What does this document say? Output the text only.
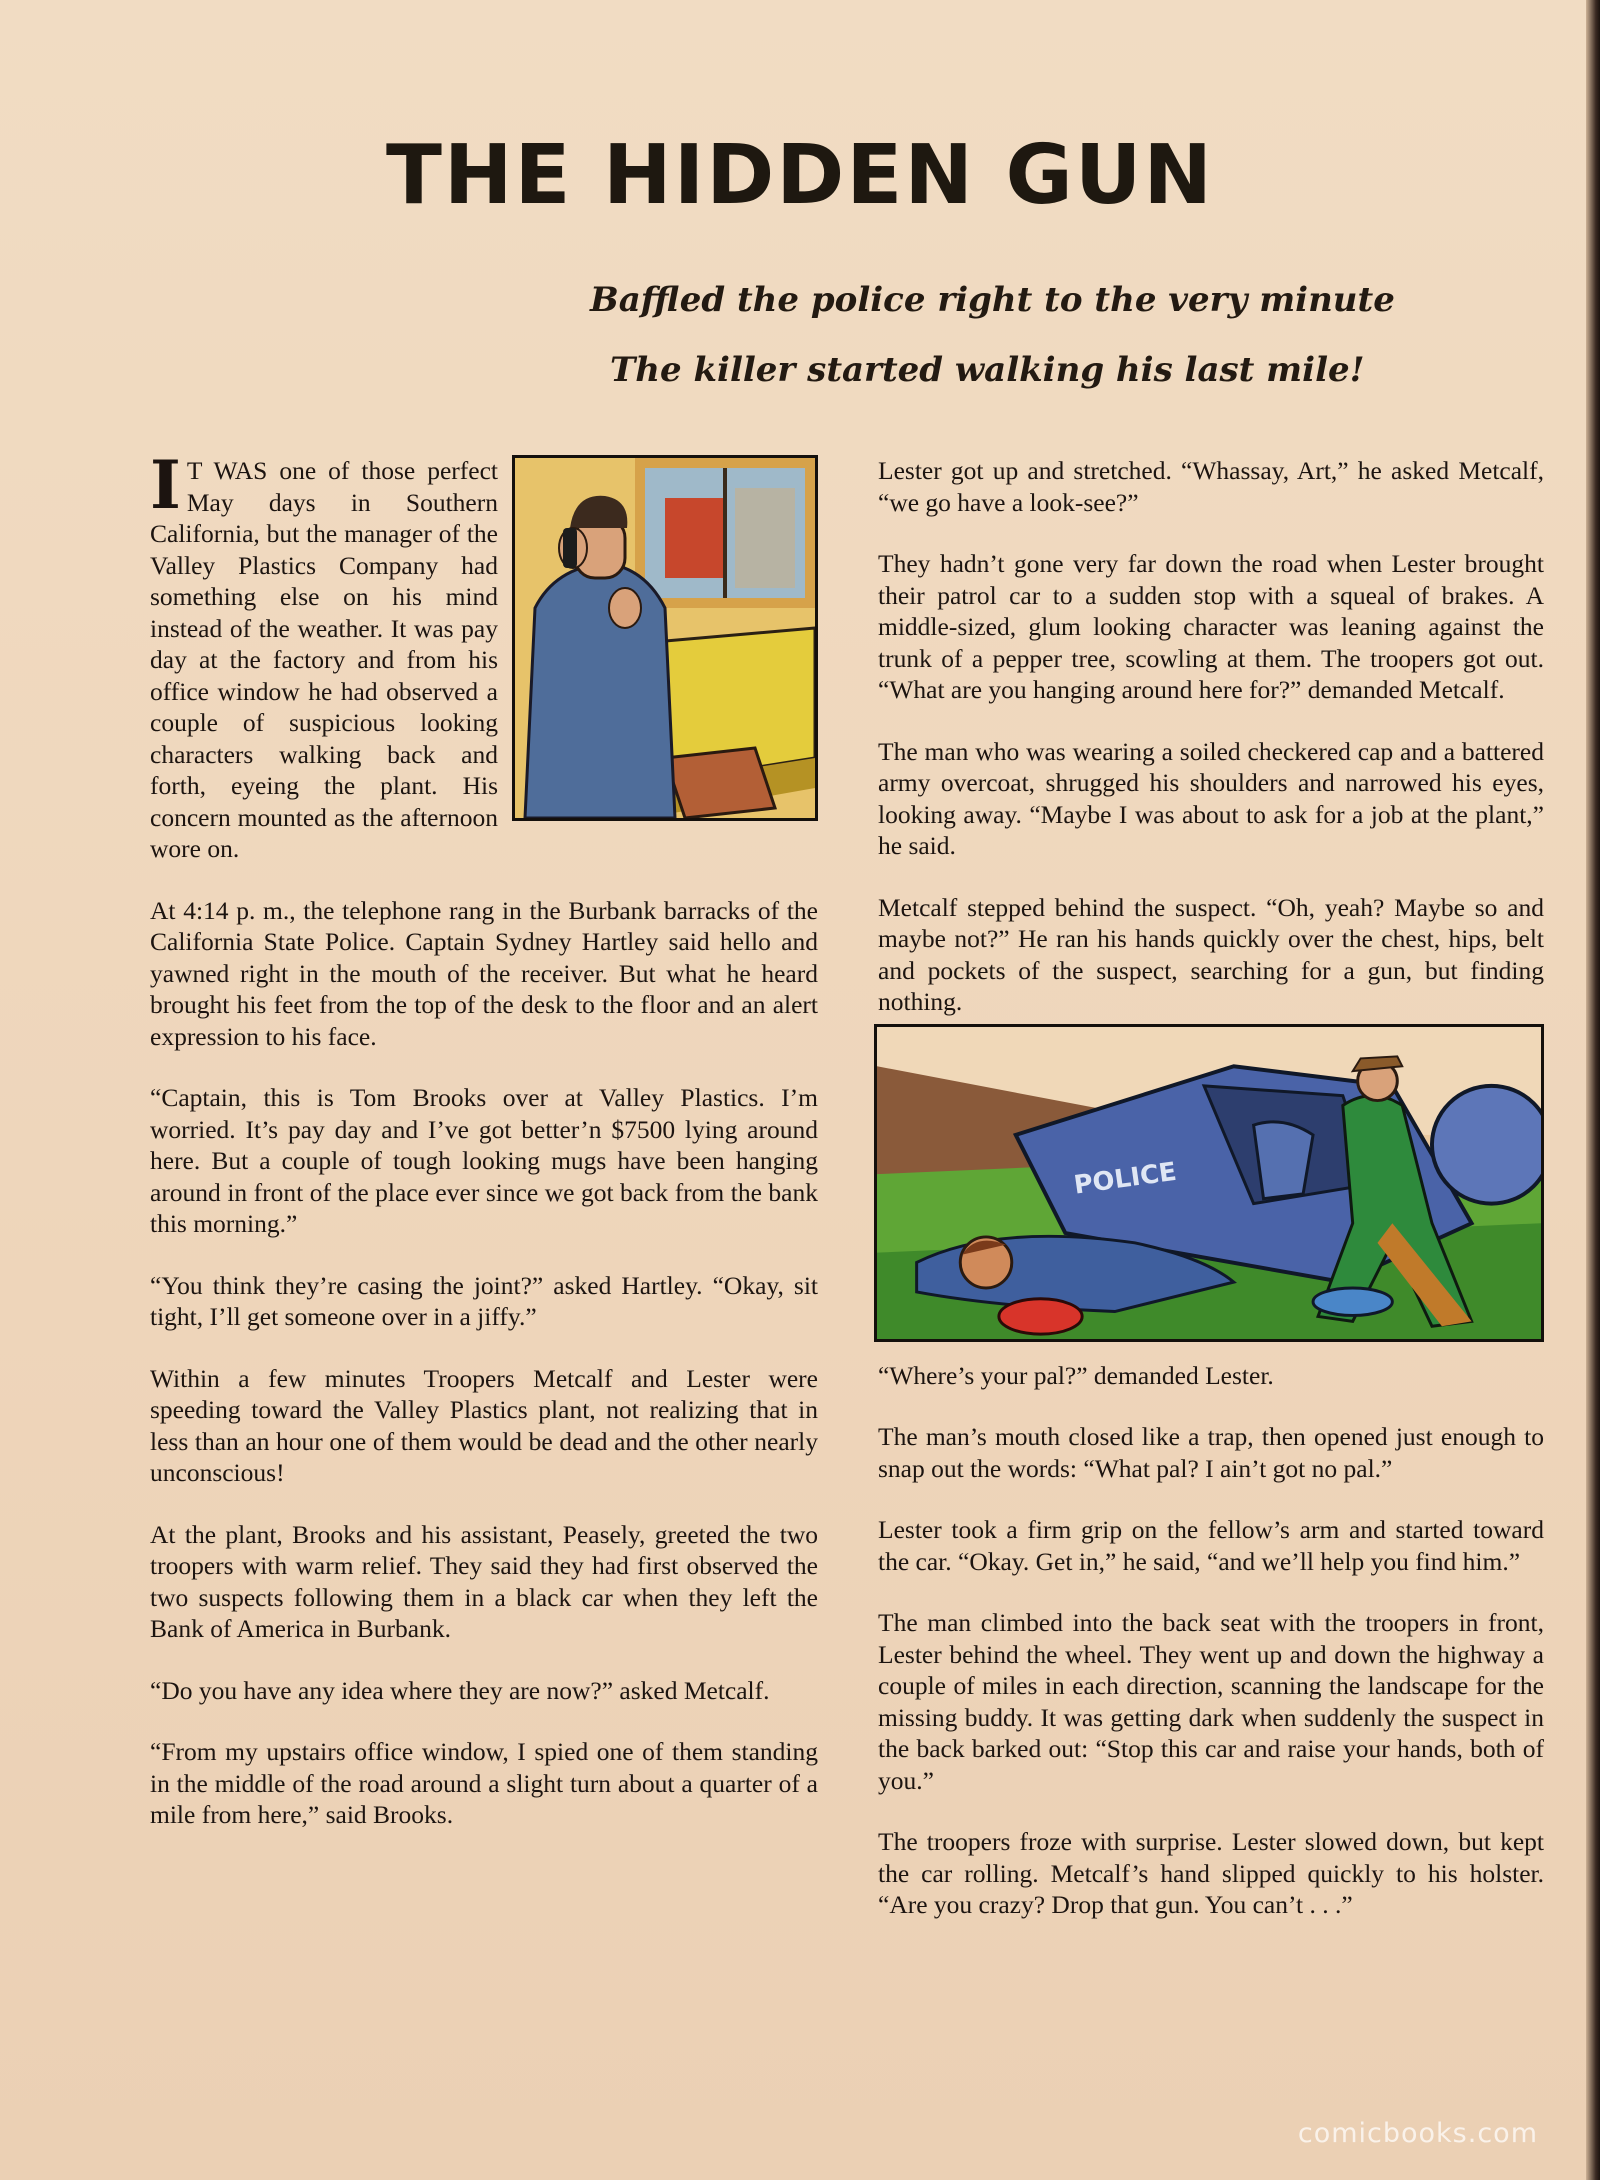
THE HIDDEN GUN

Baffled the police right to the very minute

The killer started walking his last mile!

I T WAS one of those perfect May days in Southern California, but the manager of the Valley Plastics Company had something else on his mind instead of the weather. It was pay day at the factory and from his office window he had observed a couple of suspicious looking characters walking back and forth, eyeing the plant. His concern mounted as the afternoon wore on.

At 4:14 p. m., the telephone rang in the Burbank barracks of the California State Police. Captain Sydney Hartley said hello and yawned right in the mouth of the receiver. But what he heard brought his feet from the top of the desk to the floor and an alert expression to his face.

“Captain, this is Tom Brooks over at Valley Plastics. I’m worried. It’s pay day and I’ve got better’n $7500 lying around here. But a couple of tough looking mugs have been hanging around in front of the place ever since we got back from the bank this morning.”

“You think they’re casing the joint?” asked Hartley. “Okay, sit tight, I’ll get someone over in a jiffy.”

Within a few minutes Troopers Metcalf and Lester were speeding toward the Valley Plastics plant, not realizing that in less than an hour one of them would be dead and the other nearly unconscious!

At the plant, Brooks and his assistant, Peasely, greeted the two troopers with warm relief. They said they had first observed the two suspects following them in a black car when they left the Bank of America in Burbank.

“Do you have any idea where they are now?” asked Metcalf.

“From my upstairs office window, I spied one of them standing in the middle of the road around a slight turn about a quarter of a mile from here,” said Brooks.

Lester got up and stretched. “Whassay, Art,” he asked Metcalf, “we go have a look-see?”

They hadn’t gone very far down the road when Lester brought their patrol car to a sudden stop with a squeal of brakes. A middle-sized, glum looking character was leaning against the trunk of a pepper tree, scowling at them. The troopers got out. “What are you hanging around here for?” demanded Metcalf.

The man who was wearing a soiled checkered cap and a battered army overcoat, shrugged his shoulders and narrowed his eyes, looking away. “Maybe I was about to ask for a job at the plant,” he said.

Metcalf stepped behind the suspect. “Oh, yeah? Maybe so and maybe not?” He ran his hands quickly over the chest, hips, belt and pockets of the suspect, searching for a gun, but finding nothing.

POLICE

“Where’s your pal?” demanded Lester.

The man’s mouth closed like a trap, then opened just enough to snap out the words: “What pal? I ain’t got no pal.”

Lester took a firm grip on the fellow’s arm and started toward the car. “Okay. Get in,” he said, “and we’ll help you find him.”

The man climbed into the back seat with the troopers in front, Lester behind the wheel. They went up and down the highway a couple of miles in each direction, scanning the landscape for the missing buddy. It was getting dark when suddenly the suspect in the back barked out: “Stop this car and raise your hands, both of you.”

The troopers froze with surprise. Lester slowed down, but kept the car rolling. Metcalf’s hand slipped quickly to his holster. “Are you crazy? Drop that gun. You can’t . . .”

comicbooks.com
